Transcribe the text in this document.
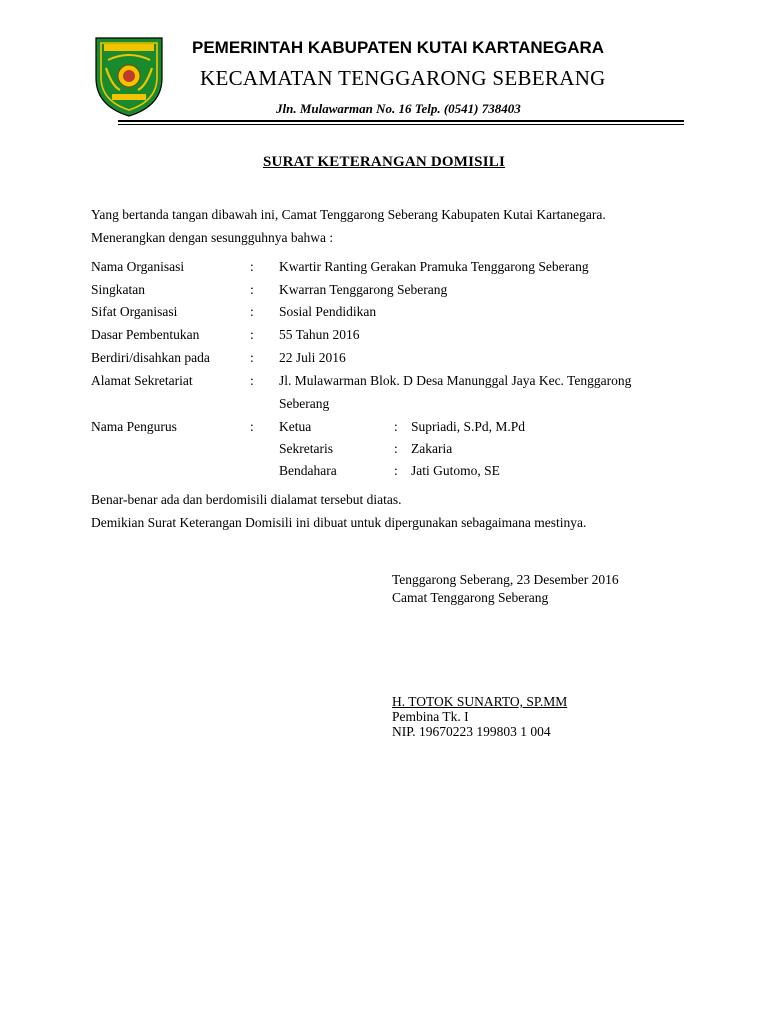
PEMERINTAH KABUPATEN KUTAI KARTANEGARA
KECAMATAN TENGGARONG SEBERANG
Jln. Mulawarman No. 16 Telp. (0541) 738403
SURAT KETERANGAN DOMISILI
Yang bertanda tangan dibawah ini, Camat Tenggarong Seberang Kabupaten Kutai Kartanegara.
Menerangkan dengan sesungguhnya bahwa :
Nama Organisasi	: Kwartir Ranting Gerakan Pramuka Tenggarong Seberang
Singkatan	: Kwarran Tenggarong Seberang
Sifat Organisasi	: Sosial Pendidikan
Dasar Pembentukan	: 55 Tahun 2016
Berdiri/disahkan pada	: 22 Juli 2016
Alamat Sekretariat	: Jl. Mulawarman Blok. D Desa Manunggal Jaya Kec. Tenggarong
Seberang
Nama Pengurus	: Ketua	: Supriadi, S.Pd, M.Pd
Sekretaris	: Zakaria
Bendahara	: Jati Gutomo, SE
Benar-benar ada dan berdomisili dialamat tersebut diatas.
Demikian Surat Keterangan Domisili ini dibuat untuk dipergunakan sebagaimana mestinya.
Tenggarong Seberang, 23 Desember 2016
Camat Tenggarong Seberang
H. TOTOK SUNARTO, SP.MM
Pembina Tk. I
NIP. 19670223 199803 1 004
